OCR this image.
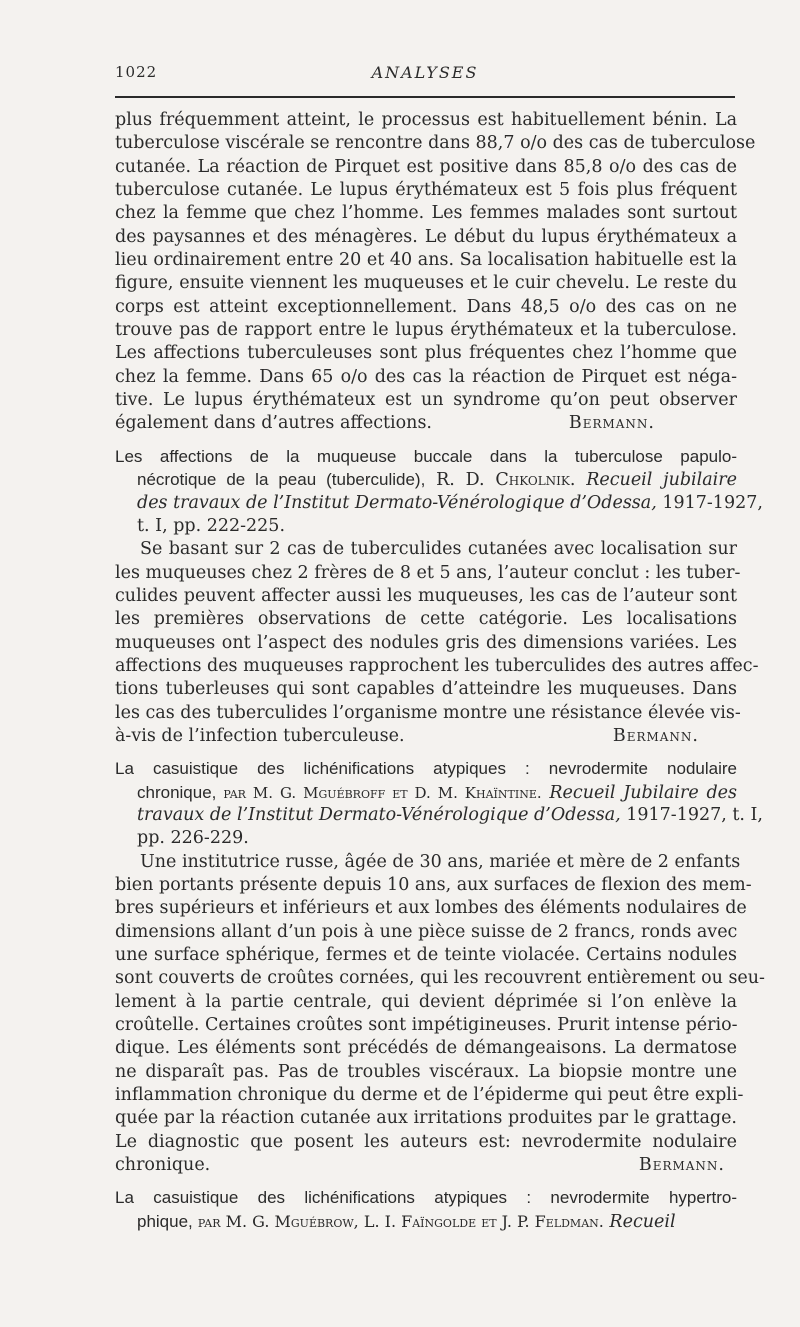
1022	ANALYSES
plus fréquemment atteint, le processus est habituellement bénin. La
tuberculose viscérale se rencontre dans 88,7 o/o des cas de tuberculose
cutanée. La réaction de Pirquet est positive dans 85,8 o/o des cas de
tuberculose cutanée. Le lupus érythémateux est 5 fois plus fréquent
chez la femme que chez l’homme. Les femmes malades sont surtout
des paysannes et des ménagères. Le début du lupus érythémateux a
lieu ordinairement entre 20 et 40 ans. Sa localisation habituelle est la
figure, ensuite viennent les muqueuses et le cuir chevelu. Le reste du
corps est atteint exceptionnellement. Dans 48,5 o/o des cas on ne
trouve pas de rapport entre le lupus érythémateux et la tuberculose.
Les affections tuberculeuses sont plus fréquentes chez l’homme que
chez la femme. Dans 65 o/o des cas la réaction de Pirquet est néga-
tive. Le lupus érythémateux est un syndrome qu’on peut observer
également dans d’autres affections.	Bermann.
Les affections de la muqueuse buccale dans la tuberculose papulo-
nécrotique de la peau (tuberculide), R. D. Chkolnik. Recueil jubilaire
des travaux de l’Institut Dermato-Vénérologique d’Odessa, 1917-1927,
t. I, pp. 222-225.
Se basant sur 2 cas de tuberculides cutanées avec localisation sur
les muqueuses chez 2 frères de 8 et 5 ans, l’auteur conclut : les tuber-
culides peuvent affecter aussi les muqueuses, les cas de l’auteur sont
les premières observations de cette catégorie. Les localisations
muqueuses ont l’aspect des nodules gris des dimensions variées. Les
affections des muqueuses rapprochent les tuberculides des autres affec-
tions tuberleuses qui sont capables d’atteindre les muqueuses. Dans
les cas des tuberculides l’organisme montre une résistance élevée vis-
à-vis de l’infection tuberculeuse.	Bermann.
La casuistique des lichénifications atypiques : nevrodermite nodulaire
chronique, par M. G. Mguébroff et D. M. Khaïntine. Recueil Jubilaire des
travaux de l’Institut Dermato-Vénérologique d’Odessa, 1917-1927, t. I,
pp. 226-229.
Une institutrice russe, âgée de 30 ans, mariée et mère de 2 enfants
bien portants présente depuis 10 ans, aux surfaces de flexion des mem-
bres supérieurs et inférieurs et aux lombes des éléments nodulaires de
dimensions allant d’un pois à une pièce suisse de 2 francs, ronds avec
une surface sphérique, fermes et de teinte violacée. Certains nodules
sont couverts de croûtes cornées, qui les recouvrent entièrement ou seu-
lement à la partie centrale, qui devient déprimée si l’on enlève la
croûtelle. Certaines croûtes sont impétigineuses. Prurit intense pério-
dique. Les éléments sont précédés de démangeaisons. La dermatose
ne disparaît pas. Pas de troubles viscéraux. La biopsie montre une
inflammation chronique du derme et de l’épiderme qui peut être expli-
quée par la réaction cutanée aux irritations produites par le grattage.
Le diagnostic que posent les auteurs est: nevrodermite nodulaire
chronique.	Bermann.
La casuistique des lichénifications atypiques : nevrodermite hypertro-
phique, par M. G. Mguébrow, L. I. Faïngolde et J. P. Feldman. Recueil
